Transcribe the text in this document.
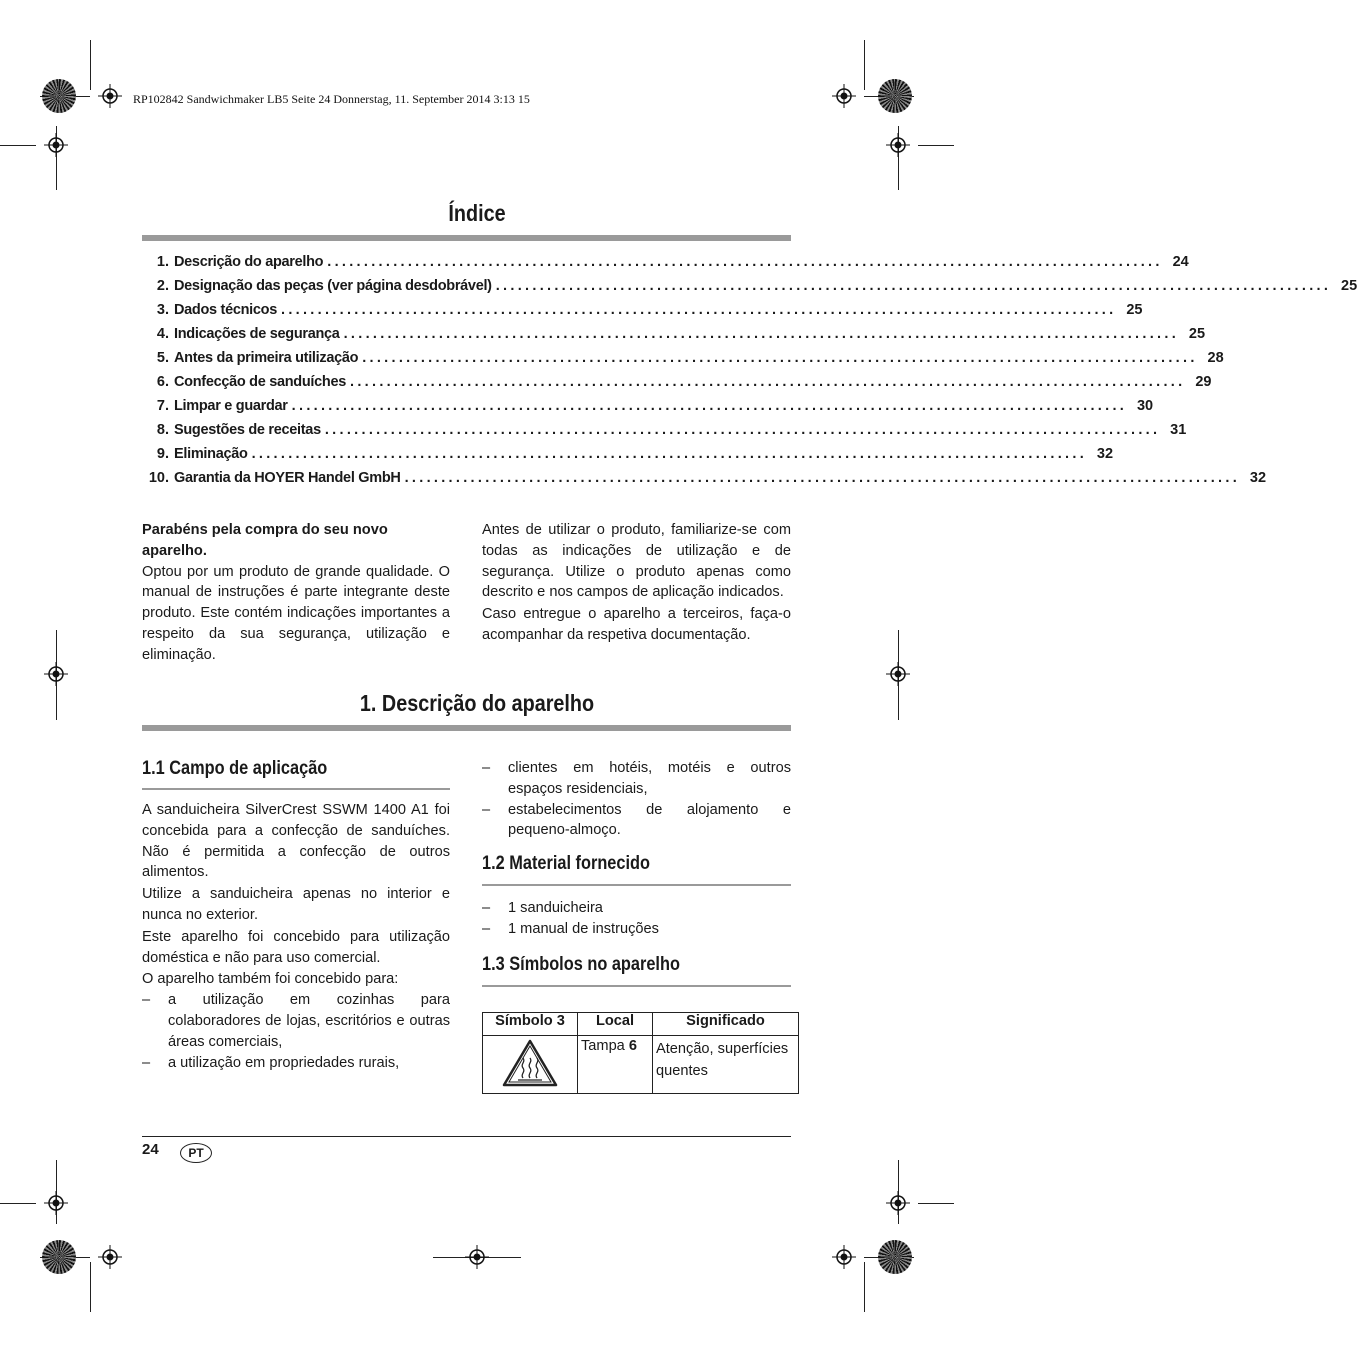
RP102842 Sandwichmaker LB5 Seite 24 Donnerstag, 11. September 2014 3:13 15
Índice
1. Descrição do aparelho .................................................................................................................. 24
2. Designação das peças (ver página desdobrável) .................................................................................................................. 25
3. Dados técnicos .................................................................................................................. 25
4. Indicações de segurança .................................................................................................................. 25
5. Antes da primeira utilização .................................................................................................................. 28
6. Confecção de sanduíches .................................................................................................................. 29
7. Limpar e guardar .................................................................................................................. 30
8. Sugestões de receitas .................................................................................................................. 31
9. Eliminação .................................................................................................................. 32
10. Garantia da HOYER Handel GmbH .................................................................................................................. 32
Parabéns pela compra do seu novo aparelho.
Optou por um produto de grande qualidade. O manual de instruções é parte integrante deste produto. Este contém indicações importantes a respeito da sua segurança, utilização e eliminação.
Antes de utilizar o produto, familiarize-se com todas as indicações de utilização e de segurança. Utilize o produto apenas como descrito e nos campos de aplicação indicados.
Caso entregue o aparelho a terceiros, faça-o acompanhar da respetiva documentação.
1. Descrição do aparelho
1.1 Campo de aplicação
A sanduicheira SilverCrest SSWM 1400 A1 foi concebida para a confecção de sanduíches. Não é permitida a confecção de outros alimentos.
Utilize a sanduicheira apenas no interior e nunca no exterior.
Este aparelho foi concebido para utilização doméstica e não para uso comercial.
O aparelho também foi concebido para:
– a utilização em cozinhas para colaboradores de lojas, escritórios e outras áreas comerciais,
– a utilização em propriedades rurais,
– clientes em hotéis, motéis e outros espaços residenciais,
– estabelecimentos de alojamento e pequeno-almoço.
1.2 Material fornecido
– 1 sanduicheira
– 1 manual de instruções
1.3 Símbolos no aparelho
Símbolo 3	Local	Significado
	Tampa 6	Atenção, superfícies quentes
24	PT
